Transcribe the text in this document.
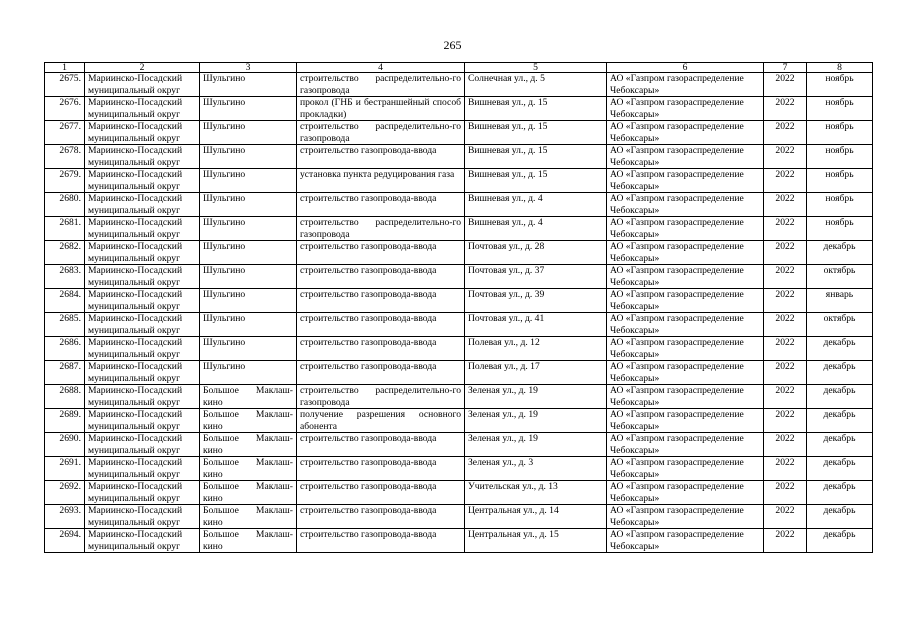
265
1	2	3	4	5	6	7	8
2675.	Мариинско-Посадский муниципальный округ	Шульгино	строительство распределительно-го газопровода	Солнечная ул., д. 5	АО «Газпром газораспределение Чебоксары»	2022	ноябрь
2676.	Мариинско-Посадский муниципальный округ	Шульгино	прокол (ГНБ и бестраншейный способ прокладки)	Вишневая ул., д. 15	АО «Газпром газораспределение Чебоксары»	2022	ноябрь
2677.	Мариинско-Посадский муниципальный округ	Шульгино	строительство распределительно-го газопровода	Вишневая ул., д. 15	АО «Газпром газораспределение Чебоксары»	2022	ноябрь
2678.	Мариинско-Посадский муниципальный округ	Шульгино	строительство газопровода-ввода	Вишневая ул., д. 15	АО «Газпром газораспределение Чебоксары»	2022	ноябрь
2679.	Мариинско-Посадский муниципальный округ	Шульгино	установка пункта редуцирования газа	Вишневая ул., д. 15	АО «Газпром газораспределение Чебоксары»	2022	ноябрь
2680.	Мариинско-Посадский муниципальный округ	Шульгино	строительство газопровода-ввода	Вишневая ул., д. 4	АО «Газпром газораспределение Чебоксары»	2022	ноябрь
2681.	Мариинско-Посадский муниципальный округ	Шульгино	строительство распределительно-го газопровода	Вишневая ул., д. 4	АО «Газпром газораспределение Чебоксары»	2022	ноябрь
2682.	Мариинско-Посадский муниципальный округ	Шульгино	строительство газопровода-ввода	Почтовая ул., д. 28	АО «Газпром газораспределение Чебоксары»	2022	декабрь
2683.	Мариинско-Посадский муниципальный округ	Шульгино	строительство газопровода-ввода	Почтовая ул., д. 37	АО «Газпром газораспределение Чебоксары»	2022	октябрь
2684.	Мариинско-Посадский муниципальный округ	Шульгино	строительство газопровода-ввода	Почтовая ул., д. 39	АО «Газпром газораспределение Чебоксары»	2022	январь
2685.	Мариинско-Посадский муниципальный округ	Шульгино	строительство газопровода-ввода	Почтовая ул., д. 41	АО «Газпром газораспределение Чебоксары»	2022	октябрь
2686.	Мариинско-Посадский муниципальный округ	Шульгино	строительство газопровода-ввода	Полевая ул., д. 12	АО «Газпром газораспределение Чебоксары»	2022	декабрь
2687.	Мариинско-Посадский муниципальный округ	Шульгино	строительство газопровода-ввода	Полевая ул., д. 17	АО «Газпром газораспределение Чебоксары»	2022	декабрь
2688.	Мариинско-Посадский муниципальный округ	Большое Маклаш-кино	строительство распределительно-го газопровода	Зеленая ул., д. 19	АО «Газпром газораспределение Чебоксары»	2022	декабрь
2689.	Мариинско-Посадский муниципальный округ	Большое Маклаш-кино	получение разрешения основного абонента	Зеленая ул., д. 19	АО «Газпром газораспределение Чебоксары»	2022	декабрь
2690.	Мариинско-Посадский муниципальный округ	Большое Маклаш-кино	строительство газопровода-ввода	Зеленая ул., д. 19	АО «Газпром газораспределение Чебоксары»	2022	декабрь
2691.	Мариинско-Посадский муниципальный округ	Большое Маклаш-кино	строительство газопровода-ввода	Зеленая ул., д. 3	АО «Газпром газораспределение Чебоксары»	2022	декабрь
2692.	Мариинско-Посадский муниципальный округ	Большое Маклаш-кино	строительство газопровода-ввода	Учительская ул., д. 13	АО «Газпром газораспределение Чебоксары»	2022	декабрь
2693.	Мариинско-Посадский муниципальный округ	Большое Маклаш-кино	строительство газопровода-ввода	Центральная ул., д. 14	АО «Газпром газораспределение Чебоксары»	2022	декабрь
2694.	Мариинско-Посадский муниципальный округ	Большое Маклаш-кино	строительство газопровода-ввода	Центральная ул., д. 15	АО «Газпром газораспределение Чебоксары»	2022	декабрь
